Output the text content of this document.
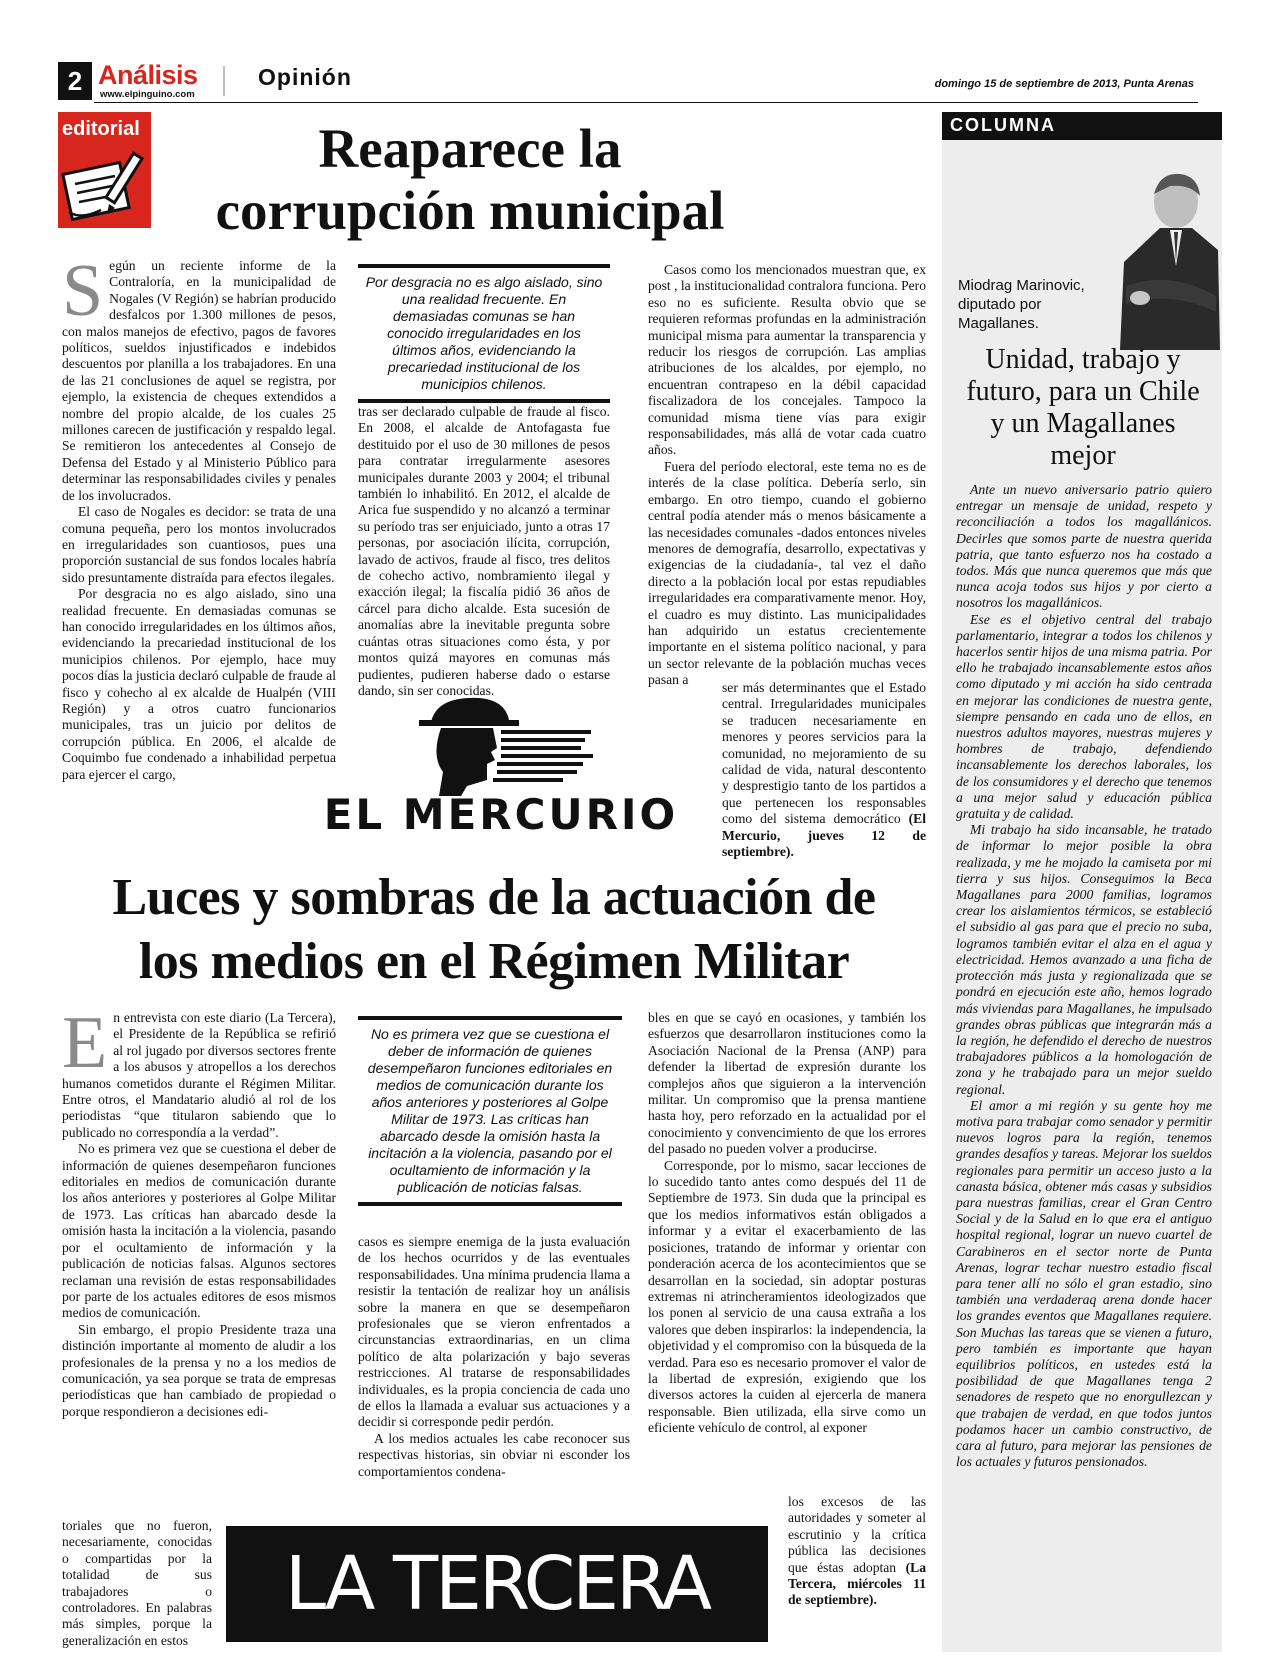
2 Análisis
www.elpinguino.com
Opinión	domingo 15 de septiembre de 2013, Punta Arenas
editorial	Reaparece la
corrupción municipal

Según un reciente informe de la Contraloría, en la municipalidad de Nogales (V Región) se habrían producido desfalcos por 1.300 millones de pesos, con malos manejos de efectivo, pagos de favores políticos, sueldos injustificados e indebidos descuentos por planilla a los trabajadores. En una de las 21 conclusiones de aquel se registra, por ejemplo, la existencia de cheques extendidos a nombre del propio alcalde, de los cuales 25 millones carecen de justificación y respaldo legal. Se remitieron los antecedentes al Consejo de Defensa del Estado y al Ministerio Público para determinar las responsabilidades civiles y penales de los involucrados.

El caso de Nogales es decidor: se trata de una comuna pequeña, pero los montos involucrados en irregularidades son cuantiosos, pues una proporción sustancial de sus fondos locales habría sido presuntamente distraída para efectos ilegales.

Por desgracia no es algo aislado, sino una realidad frecuente. En demasiadas comunas se han conocido irregularidades en los últimos años, evidenciando la precariedad institucional de los municipios chilenos. Por ejemplo, hace muy pocos días la justicia declaró culpable de fraude al fisco y cohecho al ex alcalde de Hualpén (VIII Región) y a otros cuatro funcionarios municipales, tras un juicio por delitos de corrupción pública. En 2006, el alcalde de Coquimbo fue condenado a inhabilidad perpetua para ejercer el cargo,

Por desgracia no es algo aislado, sino una realidad frecuente. En demasiadas comunas se han conocido irregularidades en los últimos años, evidenciando la precariedad institucional de los municipios chilenos.

tras ser declarado culpable de fraude al fisco. En 2008, el alcalde de Antofagasta fue destituido por el uso de 30 millones de pesos para contratar irregularmente asesores municipales durante 2003 y 2004; el tribunal también lo inhabilitó. En 2012, el alcalde de Arica fue suspendido y no alcanzó a terminar su período tras ser enjuiciado, junto a otras 17 personas, por asociación ilícita, corrupción, lavado de activos, fraude al fisco, tres delitos de cohecho activo, nombramiento ilegal y exacción ilegal; la fiscalía pidió 36 años de cárcel para dicho alcalde. Esta sucesión de anomalías abre la inevitable pregunta sobre cuántas otras situaciones como ésta, y por montos quizá mayores en comunas más pudientes, pudieren haberse dado o estarse dando, sin ser conocidas.

Casos como los mencionados muestran que, ex post , la institucionalidad contralora funciona. Pero eso no es suficiente. Resulta obvio que se requieren reformas profundas en la administración municipal misma para aumentar la transparencia y reducir los riesgos de corrupción. Las amplias atribuciones de los alcaldes, por ejemplo, no encuentran contrapeso en la débil capacidad fiscalizadora de los concejales. Tampoco la comunidad misma tiene vías para exigir responsabilidades, más allá de votar cada cuatro años.

Fuera del período electoral, este tema no es de interés de la clase política. Debería serlo, sin embargo. En otro tiempo, cuando el gobierno central podía atender más o menos básicamente a las necesidades comunales -dados entonces niveles menores de demografía, desarrollo, expectativas y exigencias de la ciudadanía-, tal vez el daño directo a la población local por estas repudiables irregularidades era comparativamente menor. Hoy, el cuadro es muy distinto. Las municipalidades han adquirido un estatus crecientemente importante en el sistema político nacional, y para un sector relevante de la población muchas veces pasan a

ser más determinantes que el Estado central. Irregularidades municipales se traducen necesariamente en menores y peores servicios para la comunidad, no mejoramiento de su calidad de vida, natural descontento y desprestigio tanto de los partidos a que pertenecen los responsables como del sistema democrático (El Mercurio, jueves 12 de septiembre).

EL MERCURIO
Luces y sombras de la actuación de
los medios en el Régimen Militar

En entrevista con este diario (La Tercera), el Presidente de la República se refirió al rol jugado por diversos sectores frente a los abusos y atropellos a los derechos humanos cometidos durante el Régimen Militar. Entre otros, el Mandatario aludió al rol de los periodistas “que titularon sabiendo que lo publicado no correspondía a la verdad”.

No es primera vez que se cuestiona el deber de información de quienes desempeñaron funciones editoriales en medios de comunicación durante los años anteriores y posteriores al Golpe Militar de 1973. Las críticas han abarcado desde la omisión hasta la incitación a la violencia, pasando por el ocultamiento de información y la publicación de noticias falsas. Algunos sectores reclaman una revisión de estas responsabilidades por parte de los actuales editores de esos mismos medios de comunicación.

Sin embargo, el propio Presidente traza una distinción importante al momento de aludir a los profesionales de la prensa y no a los medios de comunicación, ya sea porque se trata de empresas periodísticas que han cambiado de propiedad o porque respondieron a decisiones edi-

toriales que no fueron, necesariamente, conocidas o compartidas por la totalidad de sus trabajadores o controladores. En palabras más simples, porque la generalización en estos

No es primera vez que se cuestiona el deber de información de quienes desempeñaron funciones editoriales en medios de comunicación durante los años anteriores y posteriores al Golpe Militar de 1973. Las críticas han abarcado desde la omisión hasta la incitación a la violencia, pasando por el ocultamiento de información y la publicación de noticias falsas.

casos es siempre enemiga de la justa evaluación de los hechos ocurridos y de las eventuales responsabilidades. Una mínima prudencia llama a resistir la tentación de realizar hoy un análisis sobre la manera en que se desempeñaron profesionales que se vieron enfrentados a circunstancias extraordinarias, en un clima político de alta polarización y bajo severas restricciones. Al tratarse de responsabilidades individuales, es la propia conciencia de cada uno de ellos la llamada a evaluar sus actuaciones y a decidir si corresponde pedir perdón.

A los medios actuales les cabe reconocer sus respectivas historias, sin obviar ni esconder los comportamientos condena-

bles en que se cayó en ocasiones, y también los esfuerzos que desarrollaron instituciones como la Asociación Nacional de la Prensa (ANP) para defender la libertad de expresión durante los complejos años que siguieron a la intervención militar. Un compromiso que la prensa mantiene hasta hoy, pero reforzado en la actualidad por el conocimiento y convencimiento de que los errores del pasado no pueden volver a producirse.

Corresponde, por lo mismo, sacar lecciones de lo sucedido tanto antes como después del 11 de Septiembre de 1973. Sin duda que la principal es que los medios informativos están obligados a informar y a evitar el exacerbamiento de las posiciones, tratando de informar y orientar con ponderación acerca de los acontecimientos que se desarrollan en la sociedad, sin adoptar posturas extremas ni atrincheramientos ideologizados que los ponen al servicio de una causa extraña a los valores que deben inspirarlos: la independencia, la objetividad y el compromiso con la búsqueda de la verdad. Para eso es necesario promover el valor de la libertad de expresión, exigiendo que los diversos actores la cuiden al ejercerla de manera responsable. Bien utilizada, ella sirve como un eficiente vehículo de control, al exponer

los excesos de las autoridades y someter al escrutinio y la crítica pública las decisiones que éstas adoptan (La Tercera, miércoles 11 de septiembre).

LA TERCERA
COLUMNA
Miodrag Marinovic, diputado por Magallanes.
Unidad, trabajo y futuro, para un Chile y un Magallanes mejor

Ante un nuevo aniversario patrio quiero entregar un mensaje de unidad, respeto y reconciliación a todos los magallánicos. Decirles que somos parte de nuestra querida patria, que tanto esfuerzo nos ha costado a todos. Más que nunca queremos que más que nunca acoja todos sus hijos y por cierto a nosotros los magallánicos.

Ese es el objetivo central del trabajo parlamentario, integrar a todos los chilenos y hacerlos sentir hijos de una misma patria. Por ello he trabajado incansablemente estos años como diputado y mi acción ha sido centrada en mejorar las condiciones de nuestra gente, siempre pensando en cada uno de ellos, en nuestros adultos mayores, nuestras mujeres y hombres de trabajo, defendiendo incansablemente los derechos laborales, los de los consumidores y el derecho que tenemos a una mejor salud y educación pública gratuita y de calidad.

Mi trabajo ha sido incansable, he tratado de informar lo mejor posible la obra realizada, y me he mojado la camiseta por mi tierra y sus hijos. Conseguimos la Beca Magallanes para 2000 familias, logramos crear los aislamientos térmicos, se estableció el subsidio al gas para que el precio no suba, logramos también evitar el alza en el agua y electricidad. Hemos avanzado a una ficha de protección más justa y regionalizada que se pondrá en ejecución este año, hemos logrado más viviendas para Magallanes, he impulsado grandes obras públicas que integrarán más a la región, he defendido el derecho de nuestros trabajadores públicos a la homologación de zona y he trabajado para un mejor sueldo regional.

El amor a mi región y su gente hoy me motiva para trabajar como senador y permitir nuevos logros para la región, tenemos grandes desafíos y tareas. Mejorar los sueldos regionales para permitir un acceso justo a la canasta básica, obtener más casas y subsidios para nuestras familias, crear el Gran Centro Social y de la Salud en lo que era el antiguo hospital regional, lograr un nuevo cuartel de Carabineros en el sector norte de Punta Arenas, lograr techar nuestro estadio fiscal para tener allí no sólo el gran estadio, sino también una verdaderaq arena donde hacer los grandes eventos que Magallanes requiere. Son Muchas las tareas que se vienen a futuro, pero también es importante que hayan equilibrios políticos, en ustedes está la posibilidad de que Magallanes tenga 2 senadores de respeto que no enorgullezcan y que trabajen de verdad, en que todos juntos podamos hacer un cambio constructivo, de cara al futuro, para mejorar las pensiones de los actuales y futuros pensionados.
